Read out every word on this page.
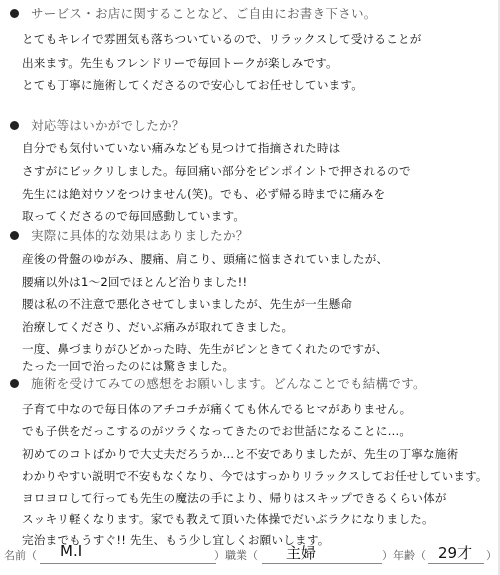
サービス・お店に関することなど、ご自由にお書き下さい。
とてもキレイで雰囲気も落ちついているので、リラックスして受けることが
出来ます。先生もフレンドリーで毎回トークが楽しみです。
とても丁寧に施術してくださるので安心してお任せしています。
対応等はいかがでしたか？
自分でも気付いていない痛みなども見つけて指摘された時は
さすがにビックリしました。毎回痛い部分をピンポイントで押されるので
先生には絶対ウソをつけません(笑)。でも、必ず帰る時までに痛みを
取ってくださるので毎回感動しています。
実際に具体的な効果はありましたか？
産後の骨盤のゆがみ、腰痛、肩こり、頭痛に悩まされていましたが、
腰痛以外は1～2回でほとんど治りました!!
腰は私の不注意で悪化させてしまいましたが、先生が一生懸命
治療してくださり、だいぶ痛みが取れてきました。
一度、鼻づまりがひどかった時、先生がピンときてくれたのですが、
たった一回で治ったのには驚きました。
施術を受けてみての感想をお願いします。どんなことでも結構です。
子育て中なので毎日体のアチコチが痛くても休んでるヒマがありません。
でも子供をだっこするのがツラくなってきたのでお世話になることに…。
初めてのコトばかりで大丈夫だろうか…と不安でありましたが、先生の丁寧な施術
わかりやすい説明で不安もなくなり、今ではすっかりリラックスしてお任せしています。
ヨロヨロして行っても先生の魔法の手により、帰りはスキップできるくらい体が
スッキリ軽くなります。家でも教えて頂いた体操でだいぶラクになりました。
完治までもうすぐ!! 先生、もう少し宜しくお願いします。
名前（ M.I	）職業（ 主婦	）年齢（ 29才 ）
